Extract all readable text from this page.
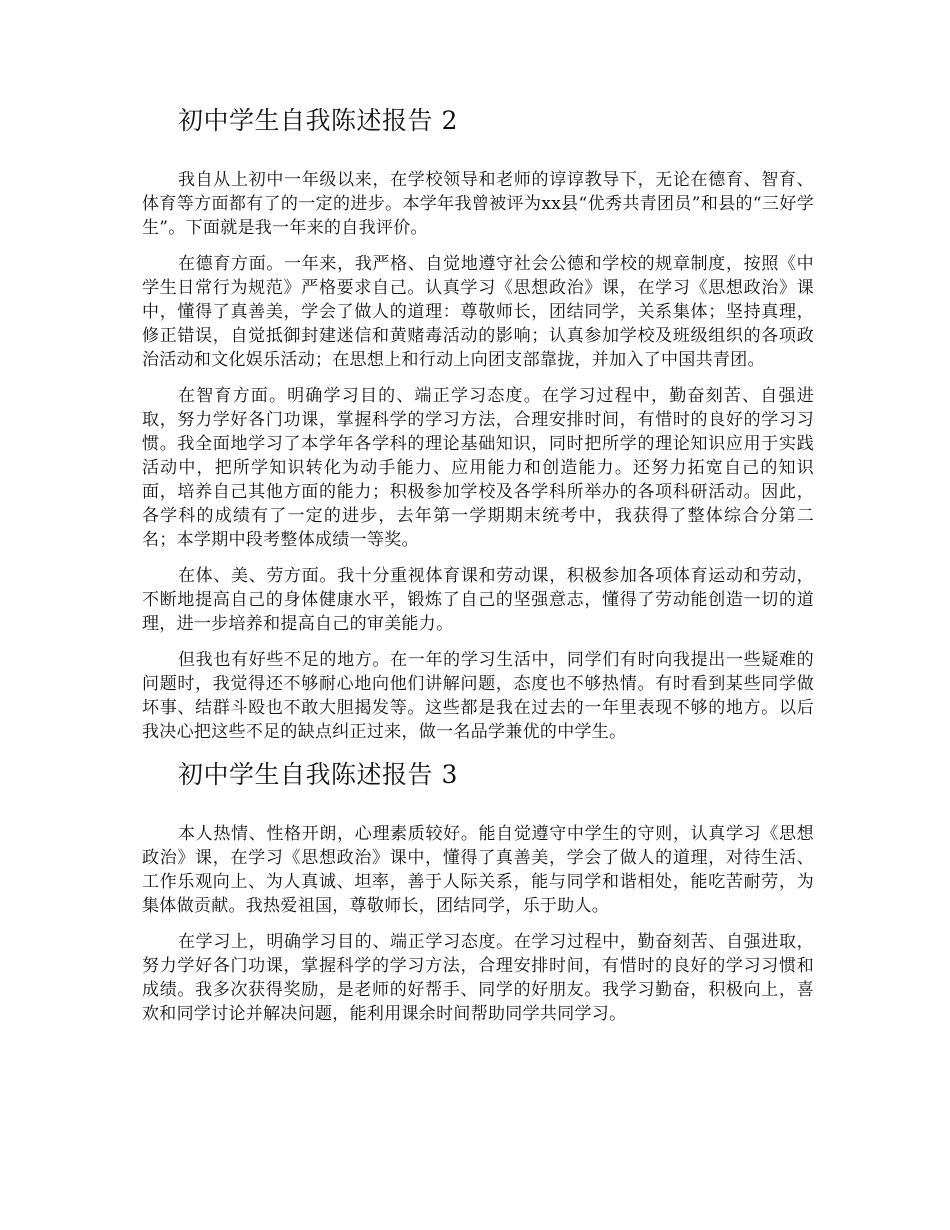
初中学生自我陈述报告 2

我自从上初中一年级以来，在学校领导和老师的谆谆教导下，无论在德育、智育、体育等方面都有了的一定的进步。本学年我曾被评为xx县“优秀共青团员”和县的“三好学生”。下面就是我一年来的自我评价。

在德育方面。一年来，我严格、自觉地遵守社会公德和学校的规章制度，按照《中学生日常行为规范》严格要求自己。认真学习《思想政治》课，在学习《思想政治》课中，懂得了真善美，学会了做人的道理：尊敬师长，团结同学，关系集体；坚持真理，修正错误，自觉抵御封建迷信和黄赌毒活动的影响；认真参加学校及班级组织的各项政治活动和文化娱乐活动；在思想上和行动上向团支部靠拢，并加入了中国共青团。

在智育方面。明确学习目的、端正学习态度。在学习过程中，勤奋刻苦、自强进取，努力学好各门功课，掌握科学的学习方法，合理安排时间，有惜时的良好的学习习惯。我全面地学习了本学年各学科的理论基础知识，同时把所学的理论知识应用于实践活动中，把所学知识转化为动手能力、应用能力和创造能力。还努力拓宽自己的知识面，培养自己其他方面的能力；积极参加学校及各学科所举办的各项科研活动。因此，各学科的成绩有了一定的进步，去年第一学期期末统考中，我获得了整体综合分第二名；本学期中段考整体成绩一等奖。

在体、美、劳方面。我十分重视体育课和劳动课，积极参加各项体育运动和劳动，不断地提高自己的身体健康水平，锻炼了自己的坚强意志，懂得了劳动能创造一切的道理，进一步培养和提高自己的审美能力。

但我也有好些不足的地方。在一年的学习生活中，同学们有时向我提出一些疑难的问题时，我觉得还不够耐心地向他们讲解问题，态度也不够热情。有时看到某些同学做坏事、结群斗殴也不敢大胆揭发等。这些都是我在过去的一年里表现不够的地方。以后我决心把这些不足的缺点纠正过来，做一名品学兼优的中学生。

初中学生自我陈述报告 3

本人热情、性格开朗，心理素质较好。能自觉遵守中学生的守则，认真学习《思想政治》课，在学习《思想政治》课中，懂得了真善美，学会了做人的道理，对待生活、工作乐观向上、为人真诚、坦率，善于人际关系，能与同学和谐相处，能吃苦耐劳，为集体做贡献。我热爱祖国，尊敬师长，团结同学，乐于助人。

在学习上，明确学习目的、端正学习态度。在学习过程中，勤奋刻苦、自强进取，努力学好各门功课，掌握科学的学习方法，合理安排时间，有惜时的良好的学习习惯和成绩。我多次获得奖励，是老师的好帮手、同学的好朋友。我学习勤奋，积极向上，喜欢和同学讨论并解决问题，能利用课余时间帮助同学共同学习。
